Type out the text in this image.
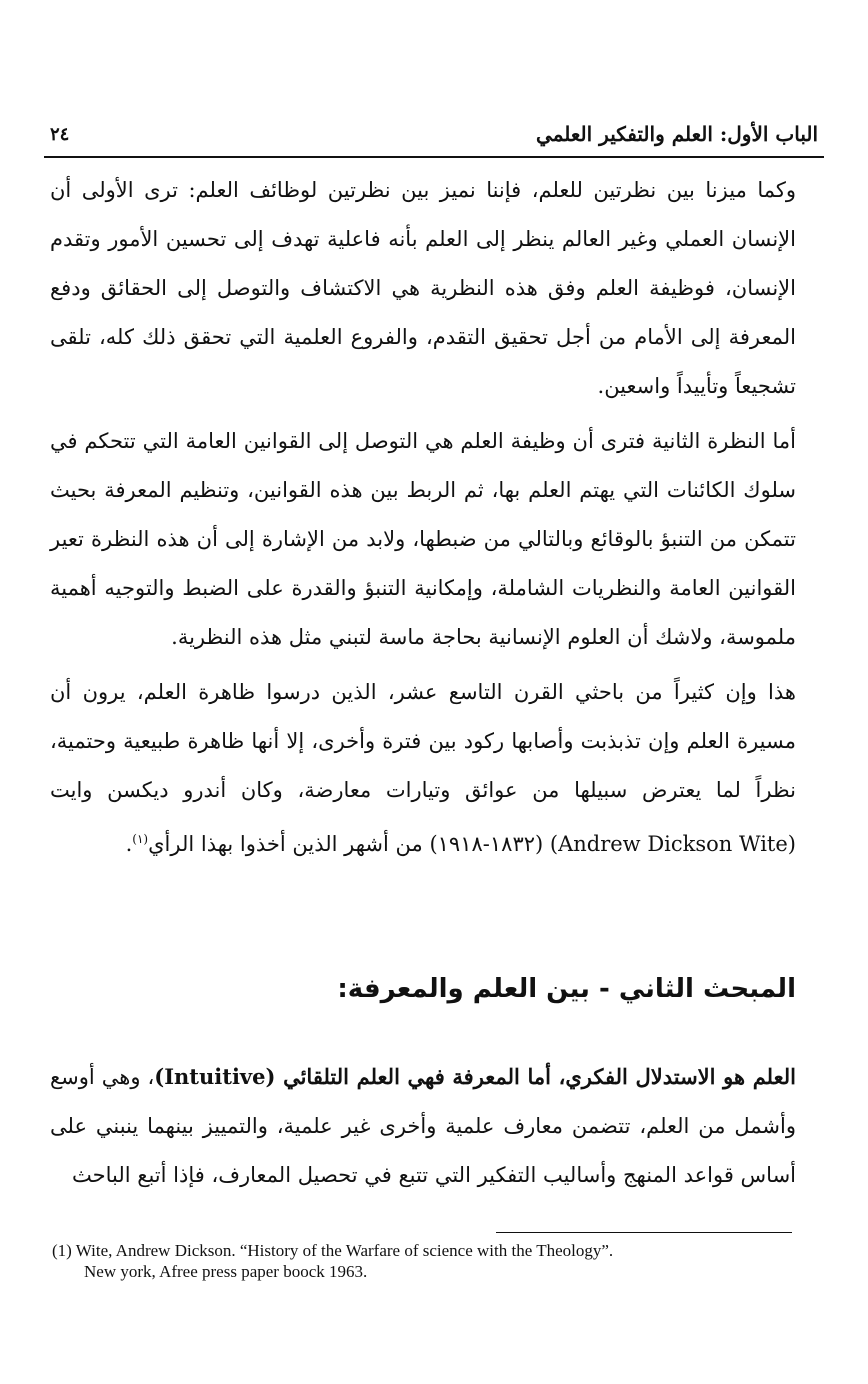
الباب الأول: العلم والتفكير العلمي
٢٤

وكما ميزنا بين نظرتين للعلم، فإننا نميز بين نظرتين لوظائف العلم: ترى الأولى أن الإنسان العملي وغير العالم ينظر إلى العلم بأنه فاعلية تهدف إلى تحسين الأمور وتقدم الإنسان، فوظيفة العلم وفق هذه النظرية هي الاكتشاف والتوصل إلى الحقائق ودفع المعرفة إلى الأمام من أجل تحقيق التقدم، والفروع العلمية التي تحقق ذلك كله، تلقى تشجيعاً وتأييداً واسعين.

أما النظرة الثانية فترى أن وظيفة العلم هي التوصل إلى القوانين العامة التي تتحكم في سلوك الكائنات التي يهتم العلم بها، ثم الربط بين هذه القوانين، وتنظيم المعرفة بحيث تتمكن من التنبؤ بالوقائع وبالتالي من ضبطها، ولابد من الإشارة إلى أن هذه النظرة تعير القوانين العامة والنظريات الشاملة، وإمكانية التنبؤ والقدرة على الضبط والتوجيه أهمية ملموسة، ولاشك أن العلوم الإنسانية بحاجة ماسة لتبني مثل هذه النظرية.

هذا وإن كثيراً من باحثي القرن التاسع عشر، الذين درسوا ظاهرة العلم، يرون أن مسيرة العلم وإن تذبذبت وأصابها ركود بين فترة وأخرى، إلا أنها ظاهرة طبيعية وحتمية، نظراً لما يعترض سبيلها من عوائق وتيارات معارضة، وكان أندرو ديكسن وايت (Andrew Dickson Wite) (١٨٣٢-١٩١٨) من أشهر الذين أخذوا بهذا الرأي$^{(١)}$.

المبحث الثاني - بين العلم والمعرفة:

العلم هو الاستدلال الفكري، أما المعرفة فهي العلم التلقائي (Intuitive)، وهي أوسع وأشمل من العلم، تتضمن معارف علمية وأخرى غير علمية، والتمييز بينهما ينبني على أساس قواعد المنهج وأساليب التفكير التي تتبع في تحصيل المعارف، فإذا أتبع الباحث

(1) Wite, Andrew Dickson. “History of the Warfare of science with the Theology”.
New york, Afree press paper boock 1963.
